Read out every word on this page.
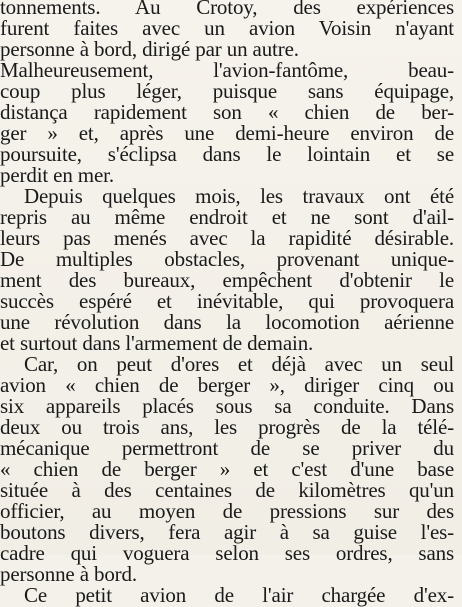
tonnements. Au Crotoy, des expériences
furent faites avec un avion Voisin n'ayant
personne à bord, dirigé par un autre.
Malheureusement, l'avion-fantôme, beau-
coup plus léger, puisque sans équipage,
distança rapidement son « chien de ber-
ger » et, après une demi-heure environ de
poursuite, s'éclipsa dans le lointain et se
perdit en mer.
Depuis quelques mois, les travaux ont été
repris au même endroit et ne sont d'ail-
leurs pas menés avec la rapidité désirable.
De multiples obstacles, provenant unique-
ment des bureaux, empêchent d'obtenir le
succès espéré et inévitable, qui provoquera
une révolution dans la locomotion aérienne
et surtout dans l'armement de demain.
Car, on peut d'ores et déjà avec un seul
avion « chien de berger », diriger cinq ou
six appareils placés sous sa conduite. Dans
deux ou trois ans, les progrès de la télé-
mécanique permettront de se priver du
« chien de berger » et c'est d'une base
située à des centaines de kilomètres qu'un
officier, au moyen de pressions sur des
boutons divers, fera agir à sa guise l'es-
cadre qui voguera selon ses ordres, sans
personne à bord.
Ce petit avion de l'air chargée d'ex-
